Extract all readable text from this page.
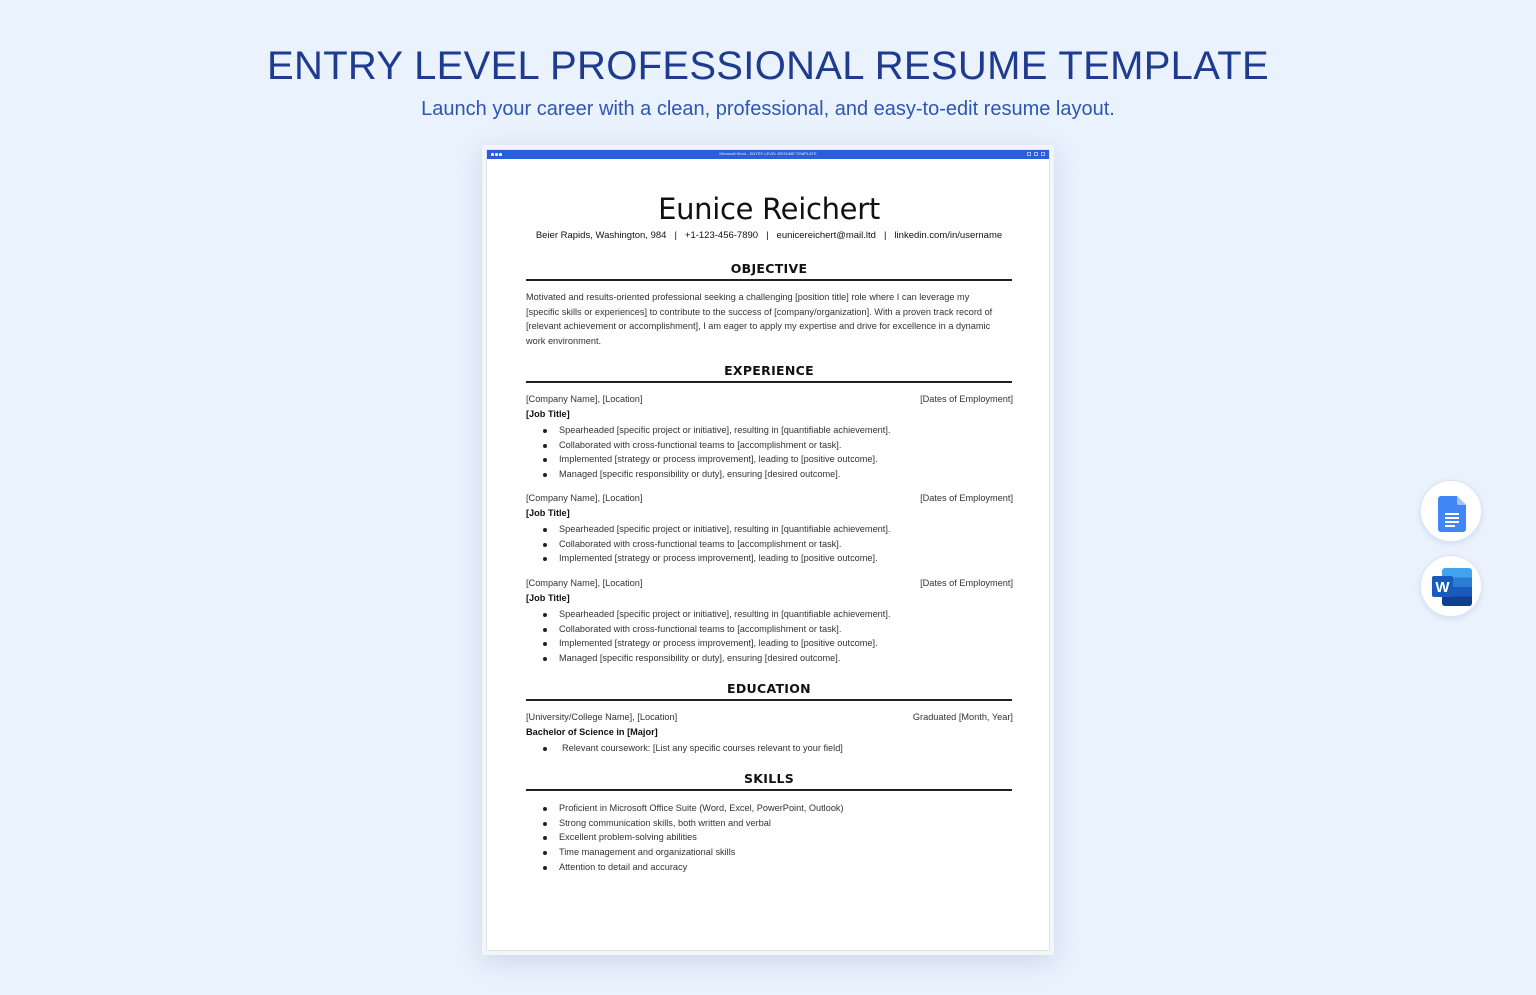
ENTRY LEVEL PROFESSIONAL RESUME TEMPLATE
Launch your career with a clean, professional, and easy-to-edit resume layout.
Microsoft Word - ENTRY LEVEL RESUME TEMPLATE
Eunice Reichert
Beier Rapids, Washington, 984 | +1-123-456-7890 | eunicereichert@mail.ltd | linkedin.com/in/username
OBJECTIVE
Motivated and results-oriented professional seeking a challenging [position title] role where I can leverage my [specific skills or experiences] to contribute to the success of [company/organization]. With a proven track record of [relevant achievement or accomplishment], I am eager to apply my expertise and drive for excellence in a dynamic work environment.
EXPERIENCE
[Company Name], [Location]	[Dates of Employment]
[Job Title]
Spearheaded [specific project or initiative], resulting in [quantifiable achievement].
Collaborated with cross-functional teams to [accomplishment or task].
Implemented [strategy or process improvement], leading to [positive outcome].
Managed [specific responsibility or duty], ensuring [desired outcome].
[Company Name], [Location]	[Dates of Employment]
[Job Title]
Spearheaded [specific project or initiative], resulting in [quantifiable achievement].
Collaborated with cross-functional teams to [accomplishment or task].
Implemented [strategy or process improvement], leading to [positive outcome].
[Company Name], [Location]	[Dates of Employment]
[Job Title]
Spearheaded [specific project or initiative], resulting in [quantifiable achievement].
Collaborated with cross-functional teams to [accomplishment or task].
Implemented [strategy or process improvement], leading to [positive outcome].
Managed [specific responsibility or duty], ensuring [desired outcome].
EDUCATION
[University/College Name], [Location]	Graduated [Month, Year]
Bachelor of Science in [Major]
Relevant coursework: [List any specific courses relevant to your field]
SKILLS
Proficient in Microsoft Office Suite (Word, Excel, PowerPoint, Outlook)
Strong communication skills, both written and verbal
Excellent problem-solving abilities
Time management and organizational skills
Attention to detail and accuracy
W
